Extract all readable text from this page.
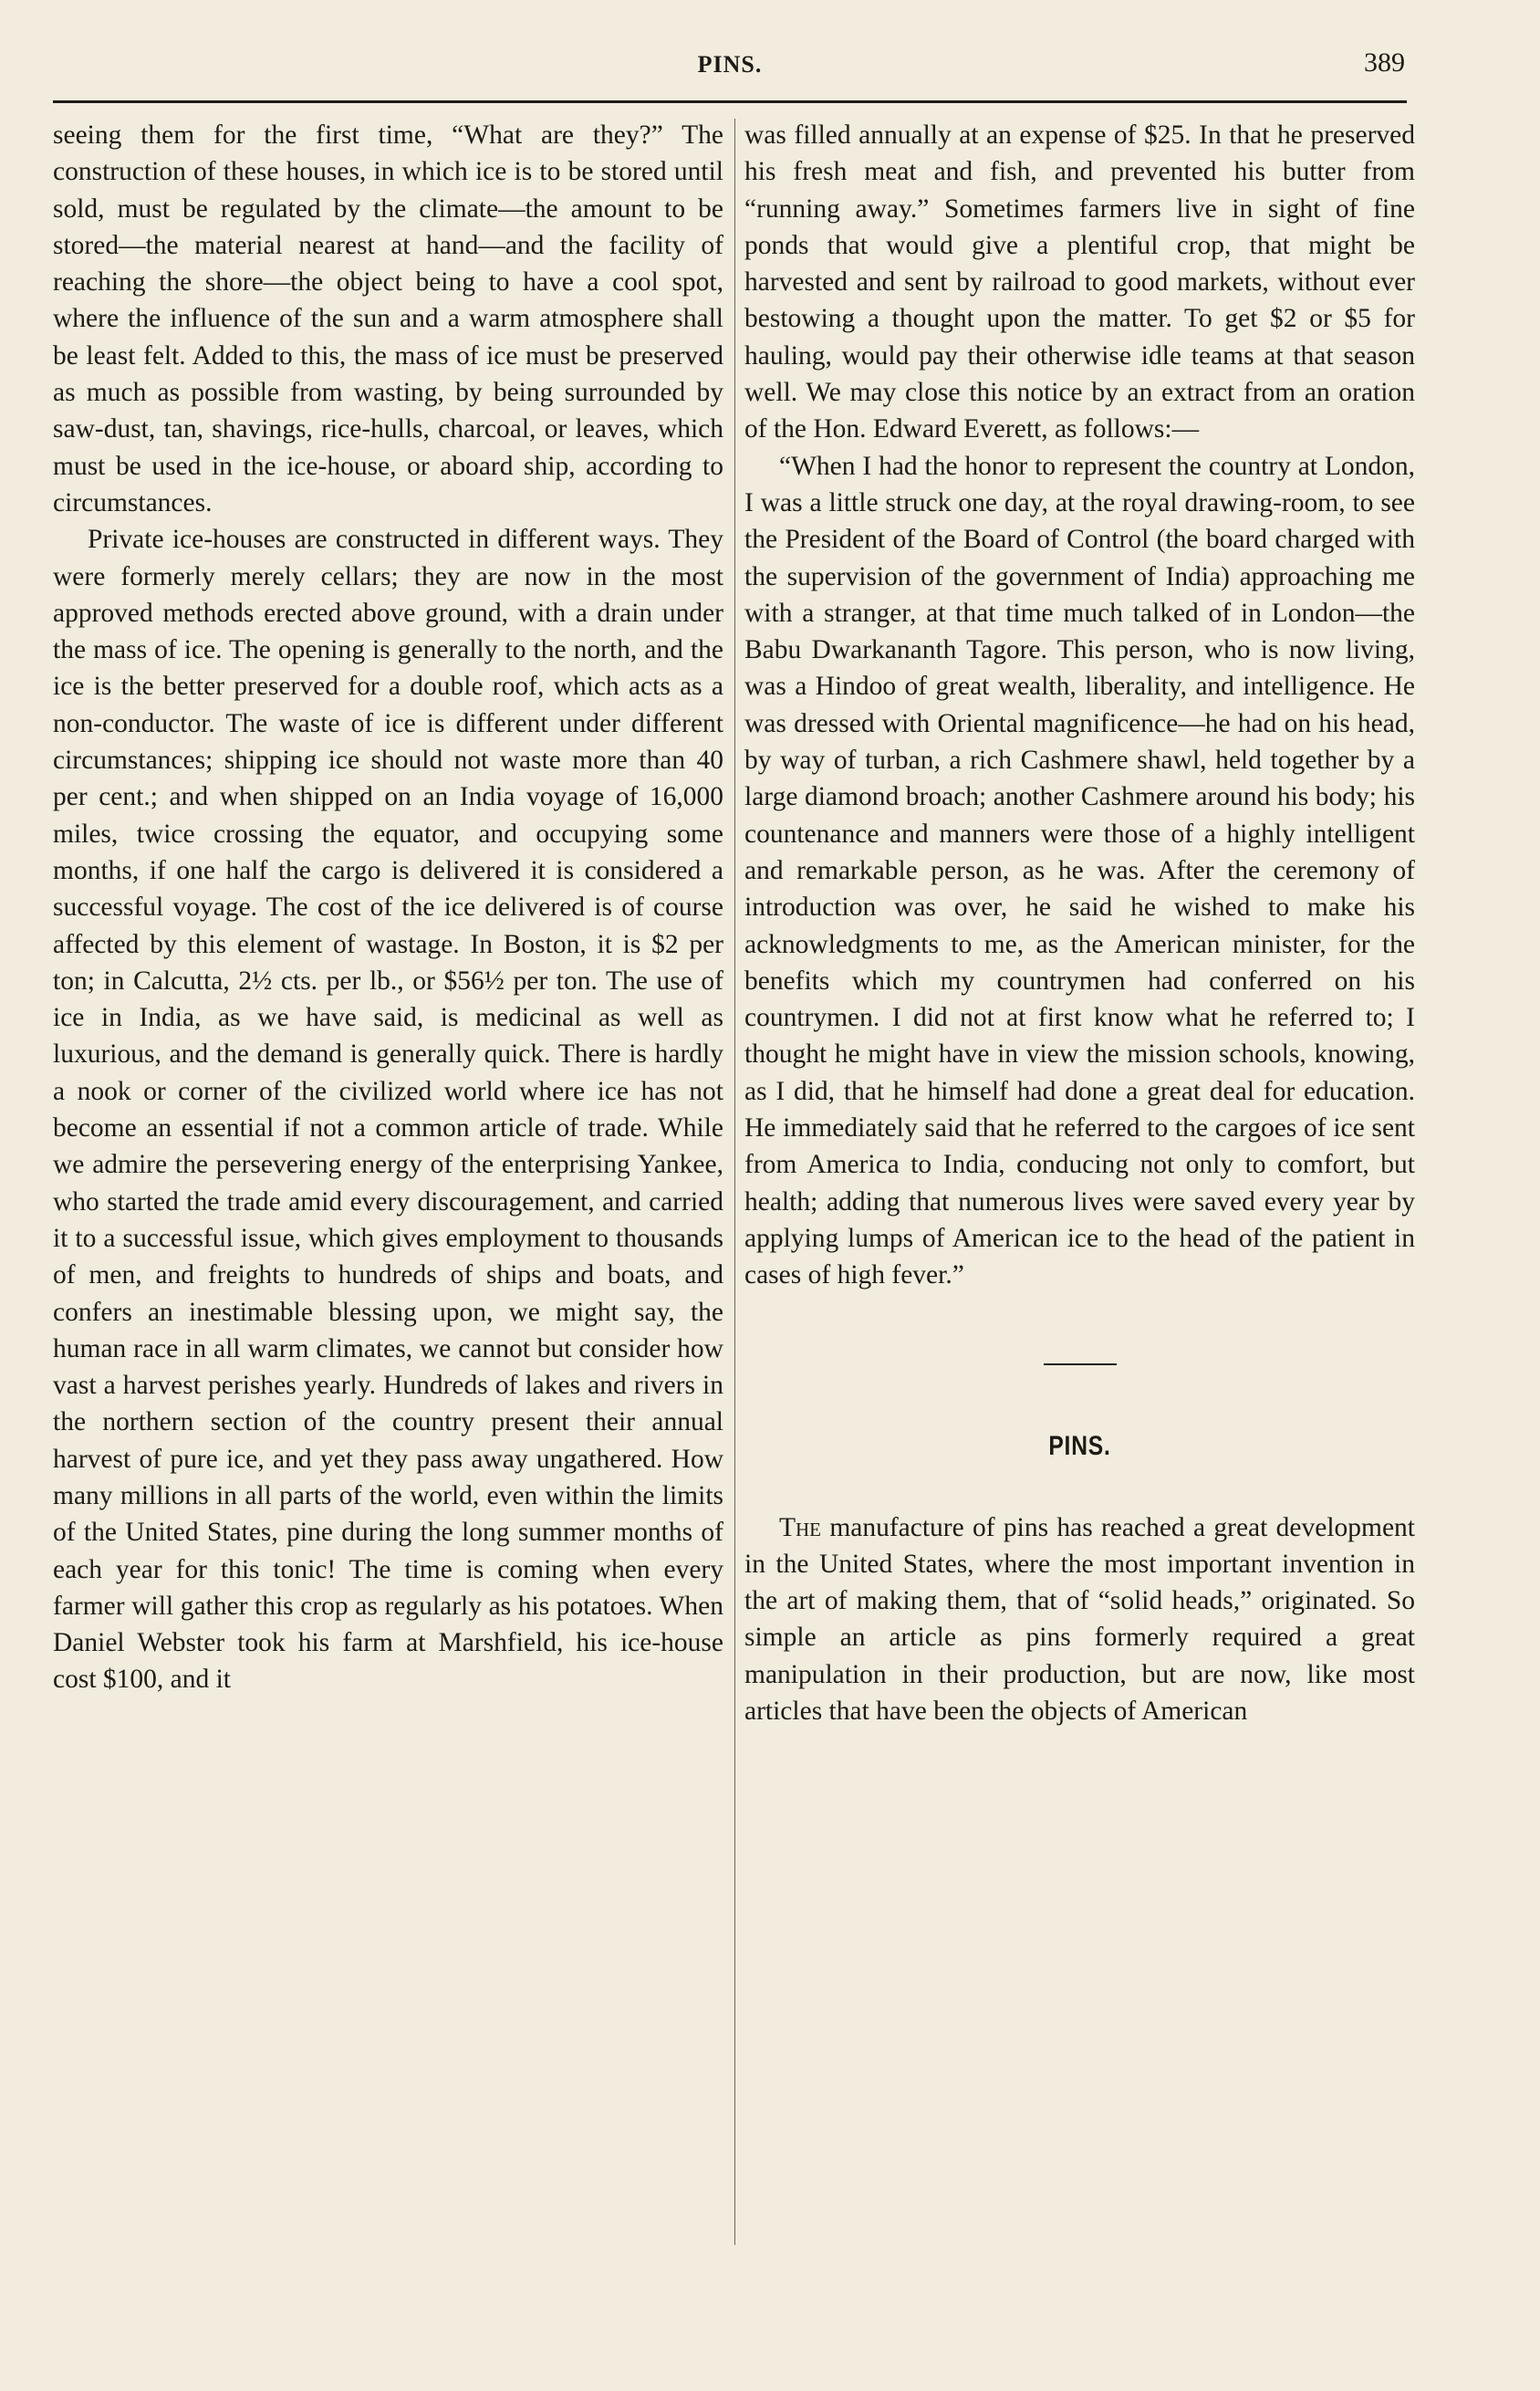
PINS.	389

seeing them for the first time, “What are they?” The construction of these houses, in which ice is to be stored until sold, must be regulated by the climate—the amount to be stored—the material nearest at hand—and the facility of reaching the shore—the object being to have a cool spot, where the influence of the sun and a warm atmosphere shall be least felt. Added to this, the mass of ice must be preserved as much as possible from wasting, by being surrounded by saw-dust, tan, shavings, rice-hulls, charcoal, or leaves, which must be used in the ice-house, or aboard ship, according to circumstances.

Private ice-houses are constructed in different ways. They were formerly merely cellars; they are now in the most approved methods erected above ground, with a drain under the mass of ice. The opening is generally to the north, and the ice is the better preserved for a double roof, which acts as a non-conductor. The waste of ice is different under different circumstances; shipping ice should not waste more than 40 per cent.; and when shipped on an India voyage of 16,000 miles, twice crossing the equator, and occupying some months, if one half the cargo is delivered it is considered a successful voyage. The cost of the ice delivered is of course affected by this element of wastage. In Boston, it is $2 per ton; in Calcutta, 2½ cts. per lb., or $56½ per ton. The use of ice in India, as we have said, is medicinal as well as luxurious, and the demand is generally quick. There is hardly a nook or corner of the civilized world where ice has not become an essential if not a common article of trade. While we admire the persevering energy of the enterprising Yankee, who started the trade amid every discouragement, and carried it to a successful issue, which gives employment to thousands of men, and freights to hundreds of ships and boats, and confers an inestimable blessing upon, we might say, the human race in all warm climates, we cannot but consider how vast a harvest perishes yearly. Hundreds of lakes and rivers in the northern section of the country present their annual harvest of pure ice, and yet they pass away ungathered. How many millions in all parts of the world, even within the limits of the United States, pine during the long summer months of each year for this tonic! The time is coming when every farmer will gather this crop as regularly as his potatoes. When Daniel Webster took his farm at Marshfield, his ice-house cost $100, and it

was filled annually at an expense of $25. In that he preserved his fresh meat and fish, and prevented his butter from “running away.” Sometimes farmers live in sight of fine ponds that would give a plentiful crop, that might be harvested and sent by railroad to good markets, without ever bestowing a thought upon the matter. To get $2 or $5 for hauling, would pay their otherwise idle teams at that season well. We may close this notice by an extract from an oration of the Hon. Edward Everett, as follows:—

“When I had the honor to represent the country at London, I was a little struck one day, at the royal drawing-room, to see the President of the Board of Control (the board charged with the supervision of the government of India) approaching me with a stranger, at that time much talked of in London—the Babu Dwarkananth Tagore. This person, who is now living, was a Hindoo of great wealth, liberality, and intelligence. He was dressed with Oriental magnificence—he had on his head, by way of turban, a rich Cashmere shawl, held together by a large diamond broach; another Cashmere around his body; his countenance and manners were those of a highly intelligent and remarkable person, as he was. After the ceremony of introduction was over, he said he wished to make his acknowledgments to me, as the American minister, for the benefits which my countrymen had conferred on his countrymen. I did not at first know what he referred to; I thought he might have in view the mission schools, knowing, as I did, that he himself had done a great deal for education. He immediately said that he referred to the cargoes of ice sent from America to India, conducing not only to comfort, but health; adding that numerous lives were saved every year by applying lumps of American ice to the head of the patient in cases of high fever.”

PINS.

The manufacture of pins has reached a great development in the United States, where the most important invention in the art of making them, that of “solid heads,” originated. So simple an article as pins formerly required a great manipulation in their production, but are now, like most articles that have been the objects of American
